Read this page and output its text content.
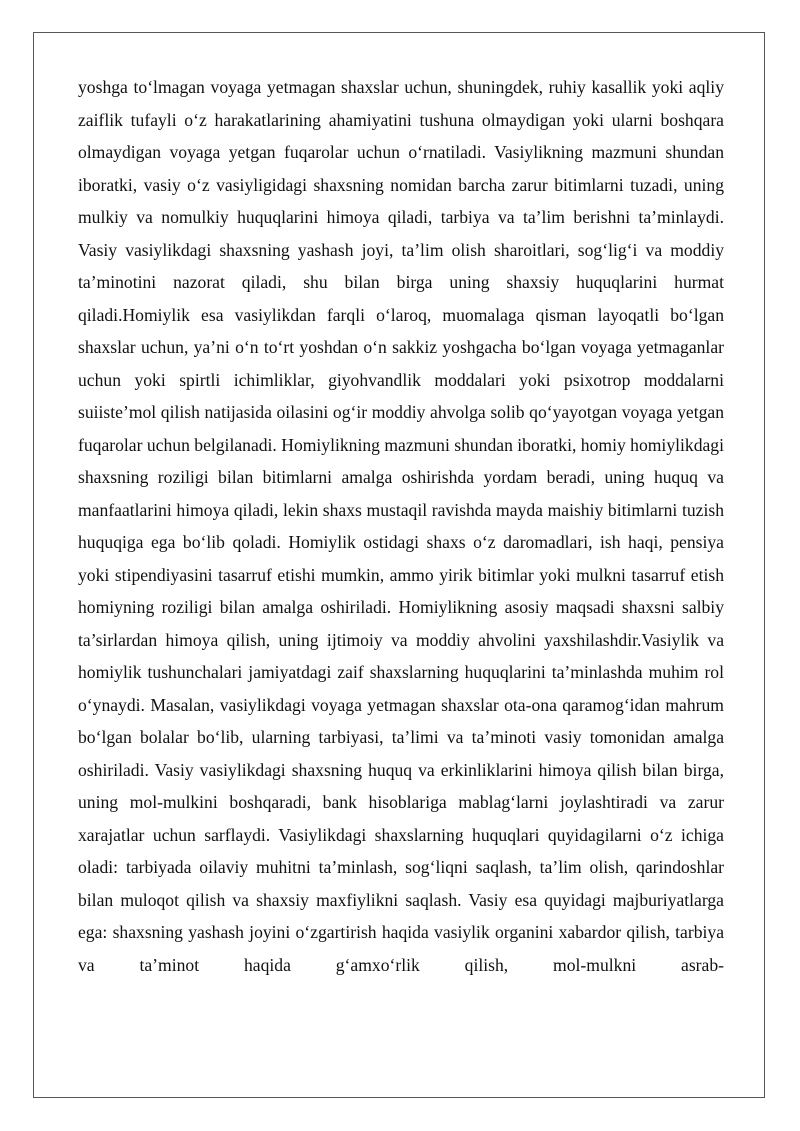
yoshga to‘lmagan voyaga yetmagan shaxslar uchun, shuningdek, ruhiy kasallik yoki aqliy zaiflik tufayli o‘z harakatlarining ahamiyatini tushuna olmaydigan yoki ularni boshqara olmaydigan voyaga yetgan fuqarolar uchun o‘rnatiladi. Vasiylikning mazmuni shundan iboratki, vasiy o‘z vasiyligidagi shaxsning nomidan barcha zarur bitimlarni tuzadi, uning mulkiy va nomulkiy huquqlarini himoya qiladi, tarbiya va ta’lim berishni ta’minlaydi. Vasiy vasiylikdagi shaxsning yashash joyi, ta’lim olish sharoitlari, sog‘lig‘i va moddiy ta’minotini nazorat qiladi, shu bilan birga uning shaxsiy huquqlarini hurmat qiladi.Homiylik esa vasiylikdan farqli o‘laroq, muomalaga qisman layoqatli bo‘lgan shaxslar uchun, ya’ni o‘n to‘rt yoshdan o‘n sakkiz yoshgacha bo‘lgan voyaga yetmaganlar uchun yoki spirtli ichimliklar, giyohvandlik moddalari yoki psixotrop moddalarni suiiste’mol qilish natijasida oilasini og‘ir moddiy ahvolga solib qo‘yayotgan voyaga yetgan fuqarolar uchun belgilanadi. Homiylikning mazmuni shundan iboratki, homiy homiylikdagi shaxsning roziligi bilan bitimlarni amalga oshirishda yordam beradi, uning huquq va manfaatlarini himoya qiladi, lekin shaxs mustaqil ravishda mayda maishiy bitimlarni tuzish huquqiga ega bo‘lib qoladi. Homiylik ostidagi shaxs o‘z daromadlari, ish haqi, pensiya yoki stipendiyasini tasarruf etishi mumkin, ammo yirik bitimlar yoki mulkni tasarruf etish homiyning roziligi bilan amalga oshiriladi. Homiylikning asosiy maqsadi shaxsni salbiy ta’sirlardan himoya qilish, uning ijtimoiy va moddiy ahvolini yaxshilashdir.Vasiylik va homiylik tushunchalari jamiyatdagi zaif shaxslarning huquqlarini ta’minlashda muhim rol o‘ynaydi. Masalan, vasiylikdagi voyaga yetmagan shaxslar ota-ona qaramog‘idan mahrum bo‘lgan bolalar bo‘lib, ularning tarbiyasi, ta’limi va ta’minoti vasiy tomonidan amalga oshiriladi. Vasiy vasiylikdagi shaxsning huquq va erkinliklarini himoya qilish bilan birga, uning mol-mulkini boshqaradi, bank hisoblariga mablag‘larni joylashtiradi va zarur xarajatlar uchun sarflaydi. Vasiylikdagi shaxslarning huquqlari quyidagilarni o‘z ichiga oladi: tarbiyada oilaviy muhitni ta’minlash, sog‘liqni saqlash, ta’lim olish, qarindoshlar bilan muloqot qilish va shaxsiy maxfiylikni saqlash. Vasiy esa quyidagi majburiyatlarga ega: shaxsning yashash joyini o‘zgartirish haqida vasiylik organini xabardor qilish, tarbiya va ta’minot haqida g‘amxo‘rlik qilish, mol-mulkni asrab-
